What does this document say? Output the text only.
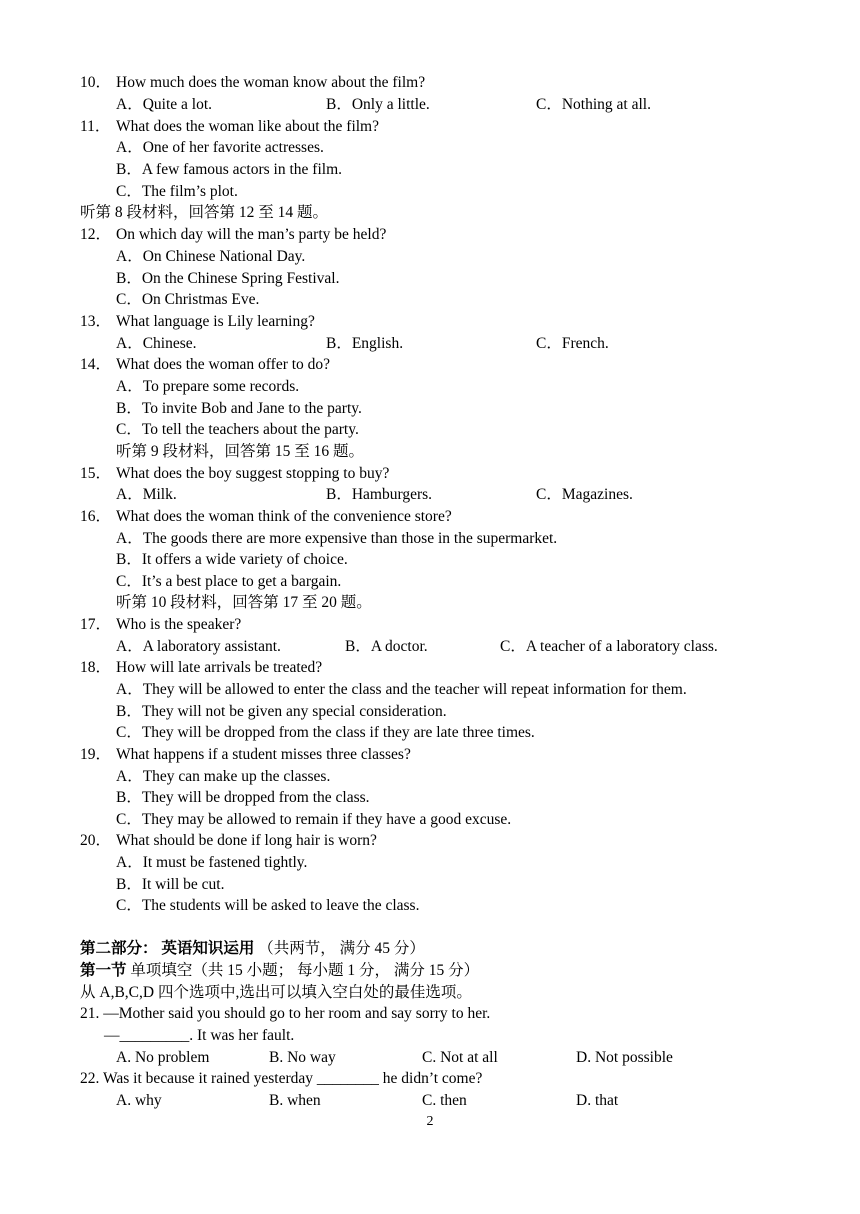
10． How much does the woman know about the film?
A．Quite a lot.	B．Only a little.	C．Nothing at all.
11． What does the woman like about the film?
A．One of her favorite actresses.
B．A few famous actors in the film.
C．The film’s plot.
听第 8 段材料，回答第 12 至 14 题。
12． On which day will the man’s party be held?
A．On Chinese National Day.
B．On the Chinese Spring Festival.
C．On Christmas Eve.
13． What language is Lily learning?
A．Chinese.	B．English.	C．French.
14． What does the woman offer to do?
A．To prepare some records.
B．To invite Bob and Jane to the party.
C．To tell the teachers about the party.
听第 9 段材料，回答第 15 至 16 题。
15． What does the boy suggest stopping to buy?
A．Milk.	B．Hamburgers.	C．Magazines.
16． What does the woman think of the convenience store?
A．The goods there are more expensive than those in the supermarket.
B．It offers a wide variety of choice.
C．It’s a best place to get a bargain.
听第 10 段材料，回答第 17 至 20 题。
17． Who is the speaker?
A．A laboratory assistant.	B．A doctor.	C．A teacher of a laboratory class.
18． How will late arrivals be treated?
A．They will be allowed to enter the class and the teacher will repeat information for them.
B．They will not be given any special consideration.
C．They will be dropped from the class if they are late three times.
19． What happens if a student misses three classes?
A．They can make up the classes.
B．They will be dropped from the class.
C．They may be allowed to remain if they have a good excuse.
20． What should be done if long hair is worn?
A．It must be fastened tightly.
B．It will be cut.
C．The students will be asked to leave the class.
第二部分： 英语知识运用 （共两节， 满分 45 分）
第一节 单项填空（共 15 小题； 每小题 1 分， 满分 15 分）
从 A,B,C,D 四个选项中,选出可以填入空白处的最佳选项。
21. —Mother said you should go to her room and say sorry to her.
—_________. It was her fault.
A. No problem	B. No way	C. Not at all	D. Not possible
22. Was it because it rained yesterday ________ he didn’t come?
A. why	B. when	C. then	D. that
2
